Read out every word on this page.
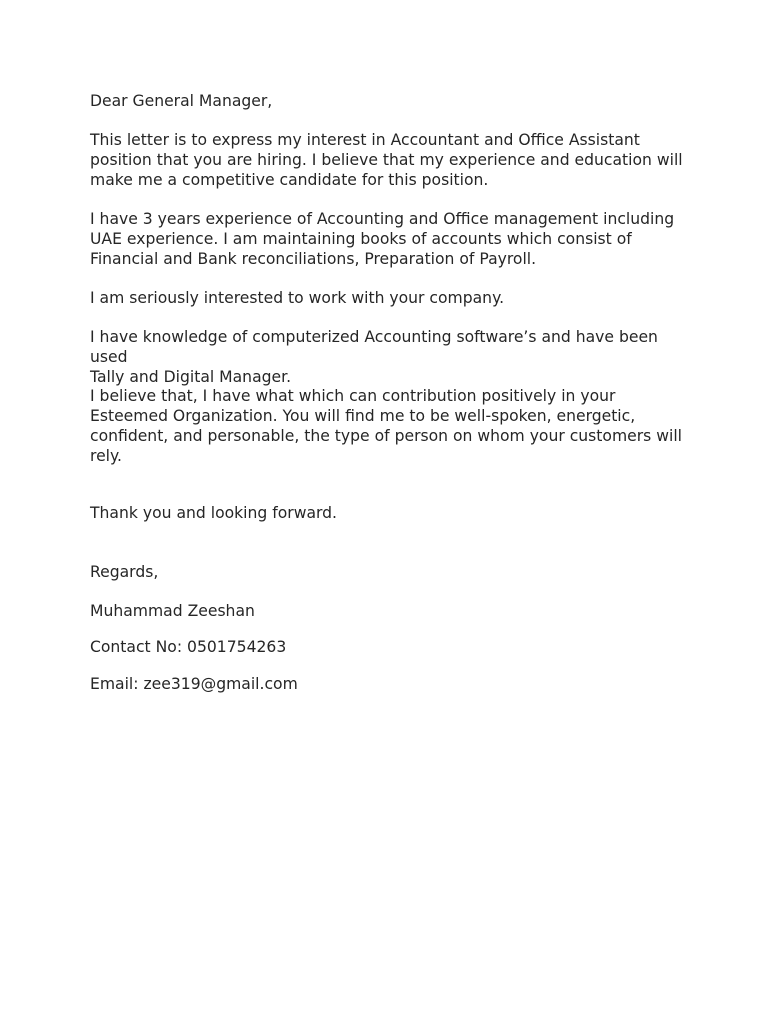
Dear General Manager,

This letter is to express my interest in Accountant and Office Assistant position that you are hiring. I believe that my experience and education will make me a competitive candidate for this position.

I have 3 years experience of Accounting and Office management including UAE experience. I am maintaining books of accounts which consist of Financial and Bank reconciliations, Preparation of Payroll.

I am seriously interested to work with your company.

I have knowledge of computerized Accounting software’s and have been used

Tally and Digital Manager.

I believe that, I have what which can contribution positively in your Esteemed Organization. You will find me to be well-spoken, energetic, confident, and personable, the type of person on whom your customers will rely.

Thank you and looking forward.

Regards,

Muhammad Zeeshan

Contact No: 0501754263

Email: zee319@gmail.com
